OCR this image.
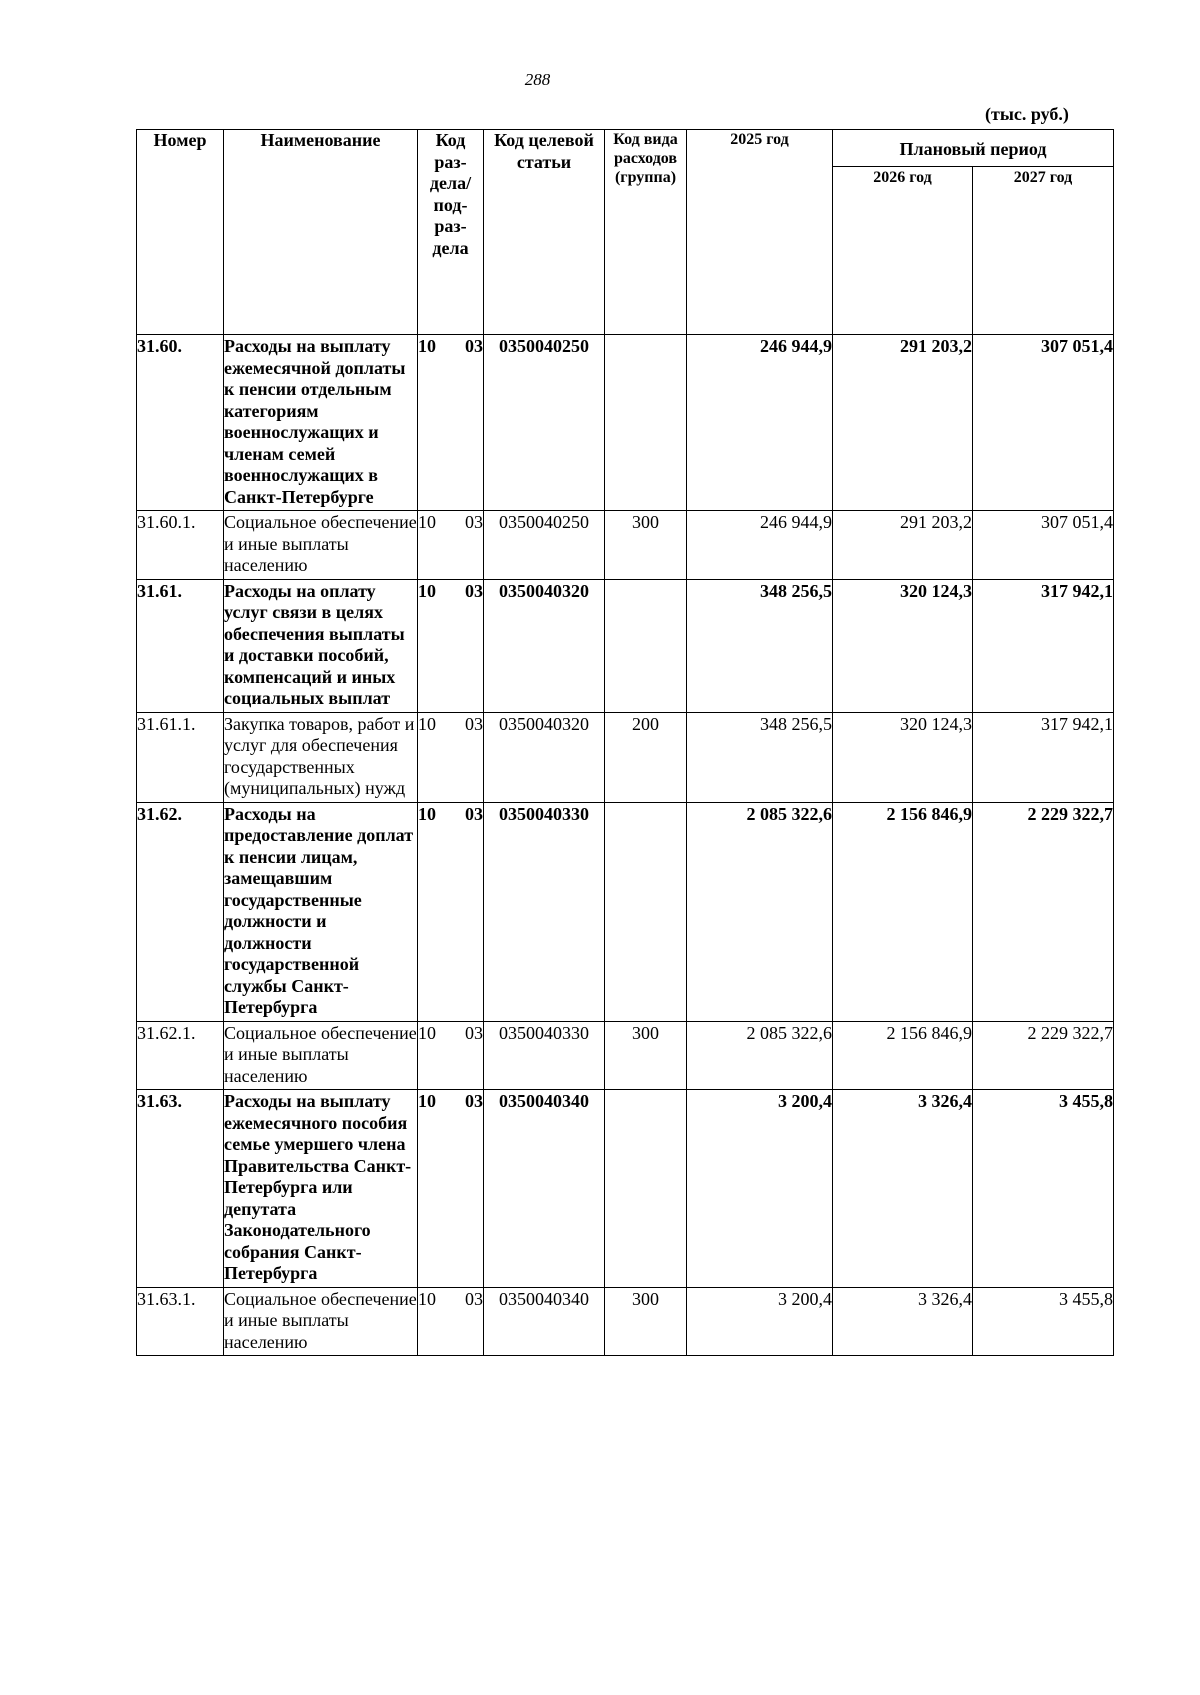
288
(тыс. руб.)
Номер	Наименование	Код раз-дела/ под-раз-дела	Код целевой статьи	Код вида расходов (группа)	2025 год	Плановый период	
						2026 год	2027 год
31.60.	Расходы на выплату ежемесячной доплаты к пенсии отдельным категориям военнослужащих и членам семей военнослужащих в Санкт-Петербурге	10 03	0350040250		246 944,9	291 203,2	307 051,4
31.60.1.	Социальное обеспечение и иные выплаты населению	10 03	0350040250	300	246 944,9	291 203,2	307 051,4
31.61.	Расходы на оплату услуг связи в целях обеспечения выплаты и доставки пособий, компенсаций и иных социальных выплат	10 03	0350040320		348 256,5	320 124,3	317 942,1
31.61.1.	Закупка товаров, работ и услуг для обеспечения государственных (муниципальных) нужд	10 03	0350040320	200	348 256,5	320 124,3	317 942,1
31.62.	Расходы на предоставление доплат к пенсии лицам, замещавшим государственные должности и должности государственной службы Санкт-Петербурга	10 03	0350040330		2 085 322,6	2 156 846,9	2 229 322,7
31.62.1.	Социальное обеспечение и иные выплаты населению	10 03	0350040330	300	2 085 322,6	2 156 846,9	2 229 322,7
31.63.	Расходы на выплату ежемесячного пособия семье умершего члена Правительства Санкт-Петербурга или депутата Законодательного собрания Санкт-Петербурга	10 03	0350040340		3 200,4	3 326,4	3 455,8
31.63.1.	Социальное обеспечение и иные выплаты населению	10 03	0350040340	300	3 200,4	3 326,4	3 455,8
